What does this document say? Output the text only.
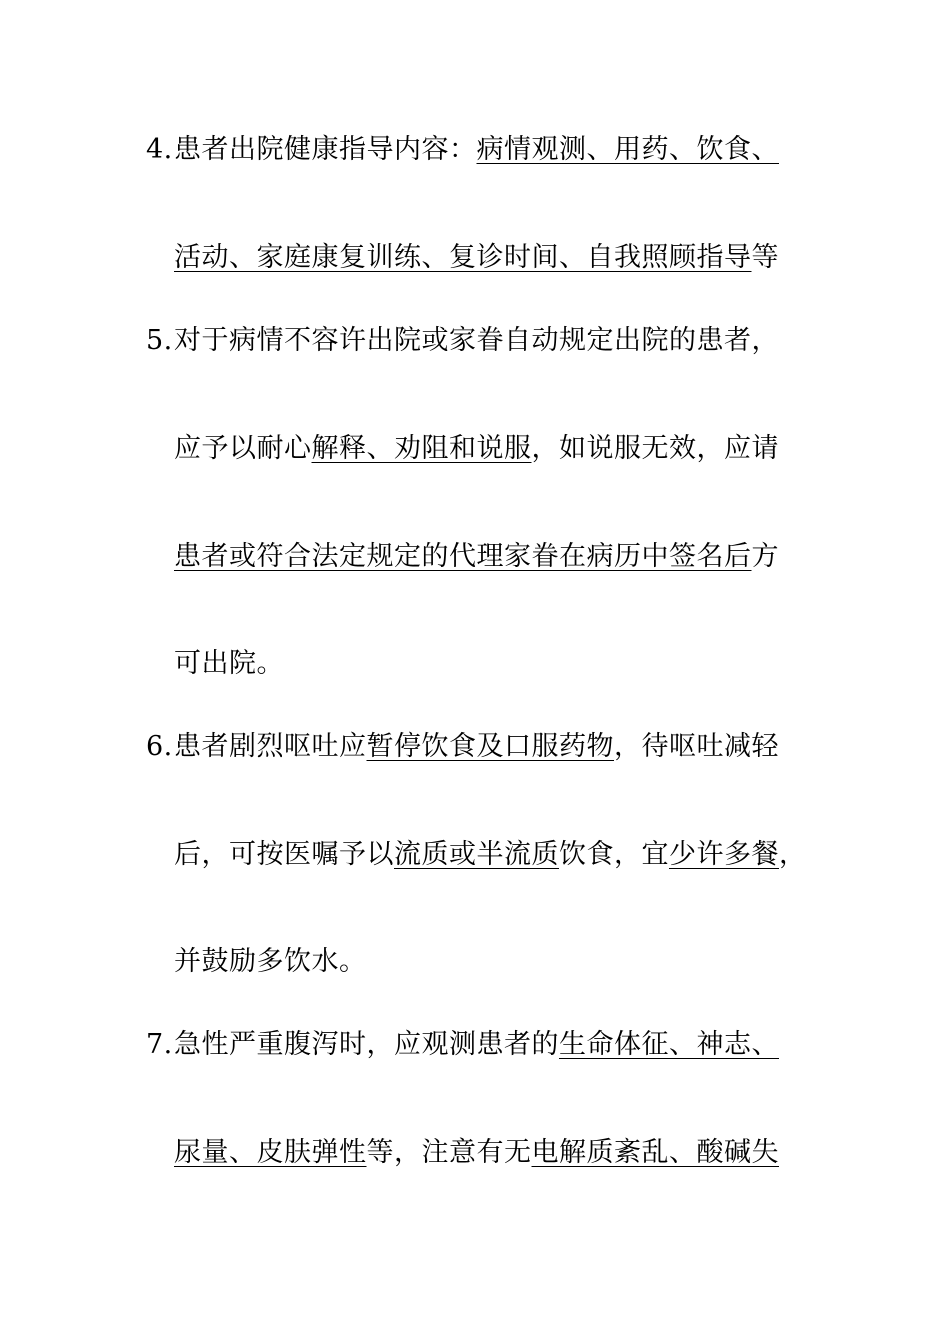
4. 患者出院健康指导内容：病情观测、用药、饮食、
活动、家庭康复训练、复诊时间、自我照顾指导等
5. 对于病情不容许出院或家眷自动规定出院的患者，
应予以耐心解释、劝阻和说服，如说服无效，应请
患者或符合法定规定的代理家眷在病历中签名后方
可出院。
6. 患者剧烈呕吐应暂停饮食及口服药物，待呕吐减轻
后，可按医嘱予以流质或半流质饮食，宜少许多餐，
并鼓励多饮水。
7. 急性严重腹泻时，应观测患者的生命体征、神志、
尿量、皮肤弹性等，注意有无电解质紊乱、酸碱失
